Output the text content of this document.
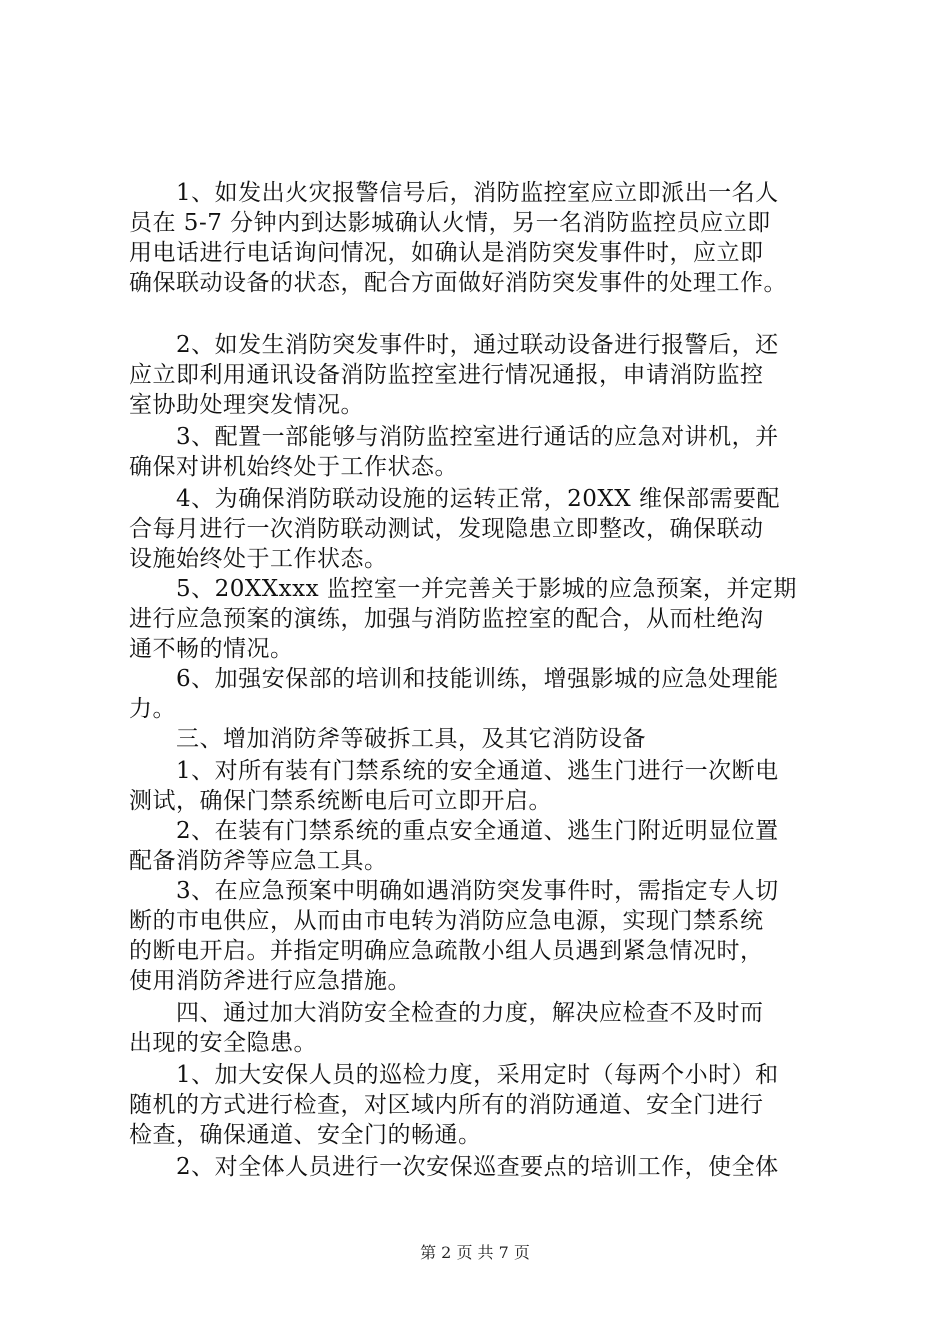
　　1、如发出火灾报警信号后，消防监控室应立即派出一名人
员在 5-7 分钟内到达影城确认火情，另一名消防监控员应立即
用电话进行电话询问情况，如确认是消防突发事件时，应立即
确保联动设备的状态，配合方面做好消防突发事件的处理工作。
　　2、如发生消防突发事件时，通过联动设备进行报警后，还
应立即利用通讯设备消防监控室进行情况通报，申请消防监控
室协助处理突发情况。
　　3、配置一部能够与消防监控室进行通话的应急对讲机，并
确保对讲机始终处于工作状态。
　　4、为确保消防联动设施的运转正常，20XX 维保部需要配
合每月进行一次消防联动测试，发现隐患立即整改，确保联动
设施始终处于工作状态。
　　5、20XXxxx 监控室一并完善关于影城的应急预案，并定期
进行应急预案的演练，加强与消防监控室的配合，从而杜绝沟
通不畅的情况。
　　6、加强安保部的培训和技能训练，增强影城的应急处理能
力。
　　三、增加消防斧等破拆工具，及其它消防设备
　　1、对所有装有门禁系统的安全通道、逃生门进行一次断电
测试，确保门禁系统断电后可立即开启。
　　2、在装有门禁系统的重点安全通道、逃生门附近明显位置
配备消防斧等应急工具。
　　3、在应急预案中明确如遇消防突发事件时，需指定专人切
断的市电供应，从而由市电转为消防应急电源，实现门禁系统
的断电开启。并指定明确应急疏散小组人员遇到紧急情况时，
使用消防斧进行应急措施。
　　四、通过加大消防安全检查的力度，解决应检查不及时而
出现的安全隐患。
　　1、加大安保人员的巡检力度，采用定时（每两个小时）和
随机的方式进行检查，对区域内所有的消防通道、安全门进行
检查，确保通道、安全门的畅通。
　　2、对全体人员进行一次安保巡查要点的培训工作，使全体
第 2 页 共 7 页
